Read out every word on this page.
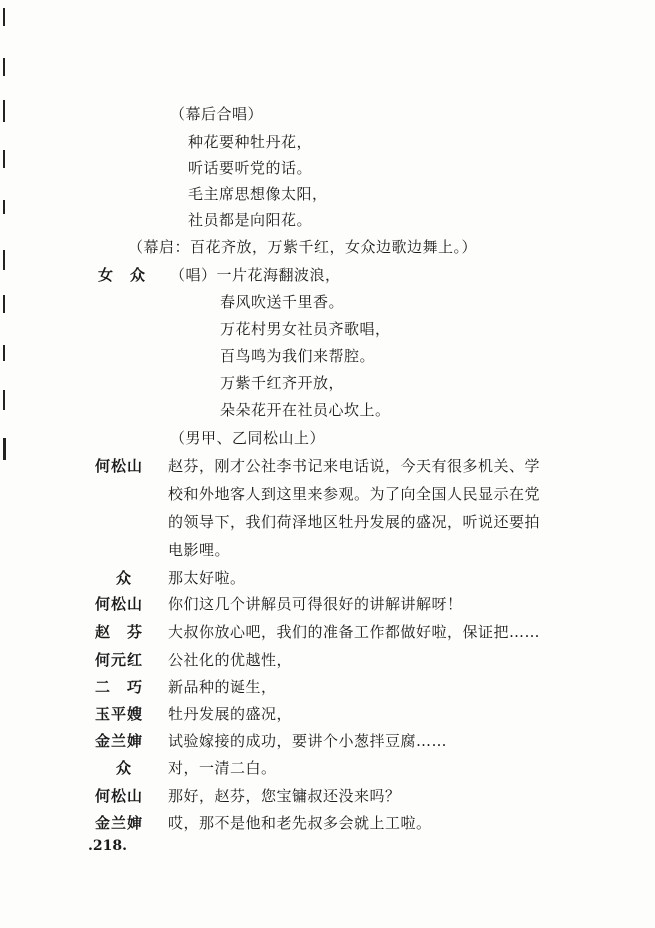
（幕后合唱）
种花要种牡丹花，
听话要听党的话。
毛主席思想像太阳，
社员都是向阳花。
（幕启：百花齐放，万紫千红，女众边歌边舞上。）
女　众 （唱）一片花海翻波浪，
春风吹送千里香。
万花村男女社员齐歌唱，
百鸟鸣为我们来帮腔。
万紫千红齐开放，
朵朵花开在社员心坎上。
（男甲、乙同松山上）
何松山 赵芬，刚才公社李书记来电话说，今天有很多机关、学
校和外地客人到这里来参观。为了向全国人民显示在党
的领导下，我们荷泽地区牡丹发展的盛况，听说还要拍
电影哩。
众 那太好啦。
何松山 你们这几个讲解员可得很好的讲解讲解呀！
赵　芬 大叔你放心吧，我们的准备工作都做好啦，保证把……
何元红 公社化的优越性，
二　巧 新品种的诞生，
玉平嫂 牡丹发展的盛况，
金兰婶 试验嫁接的成功，要讲个小葱拌豆腐……
众 对，一清二白。
何松山 那好，赵芬，您宝镛叔还没来吗？
金兰婶 哎，那不是他和老先叔多会就上工啦。
.218.
